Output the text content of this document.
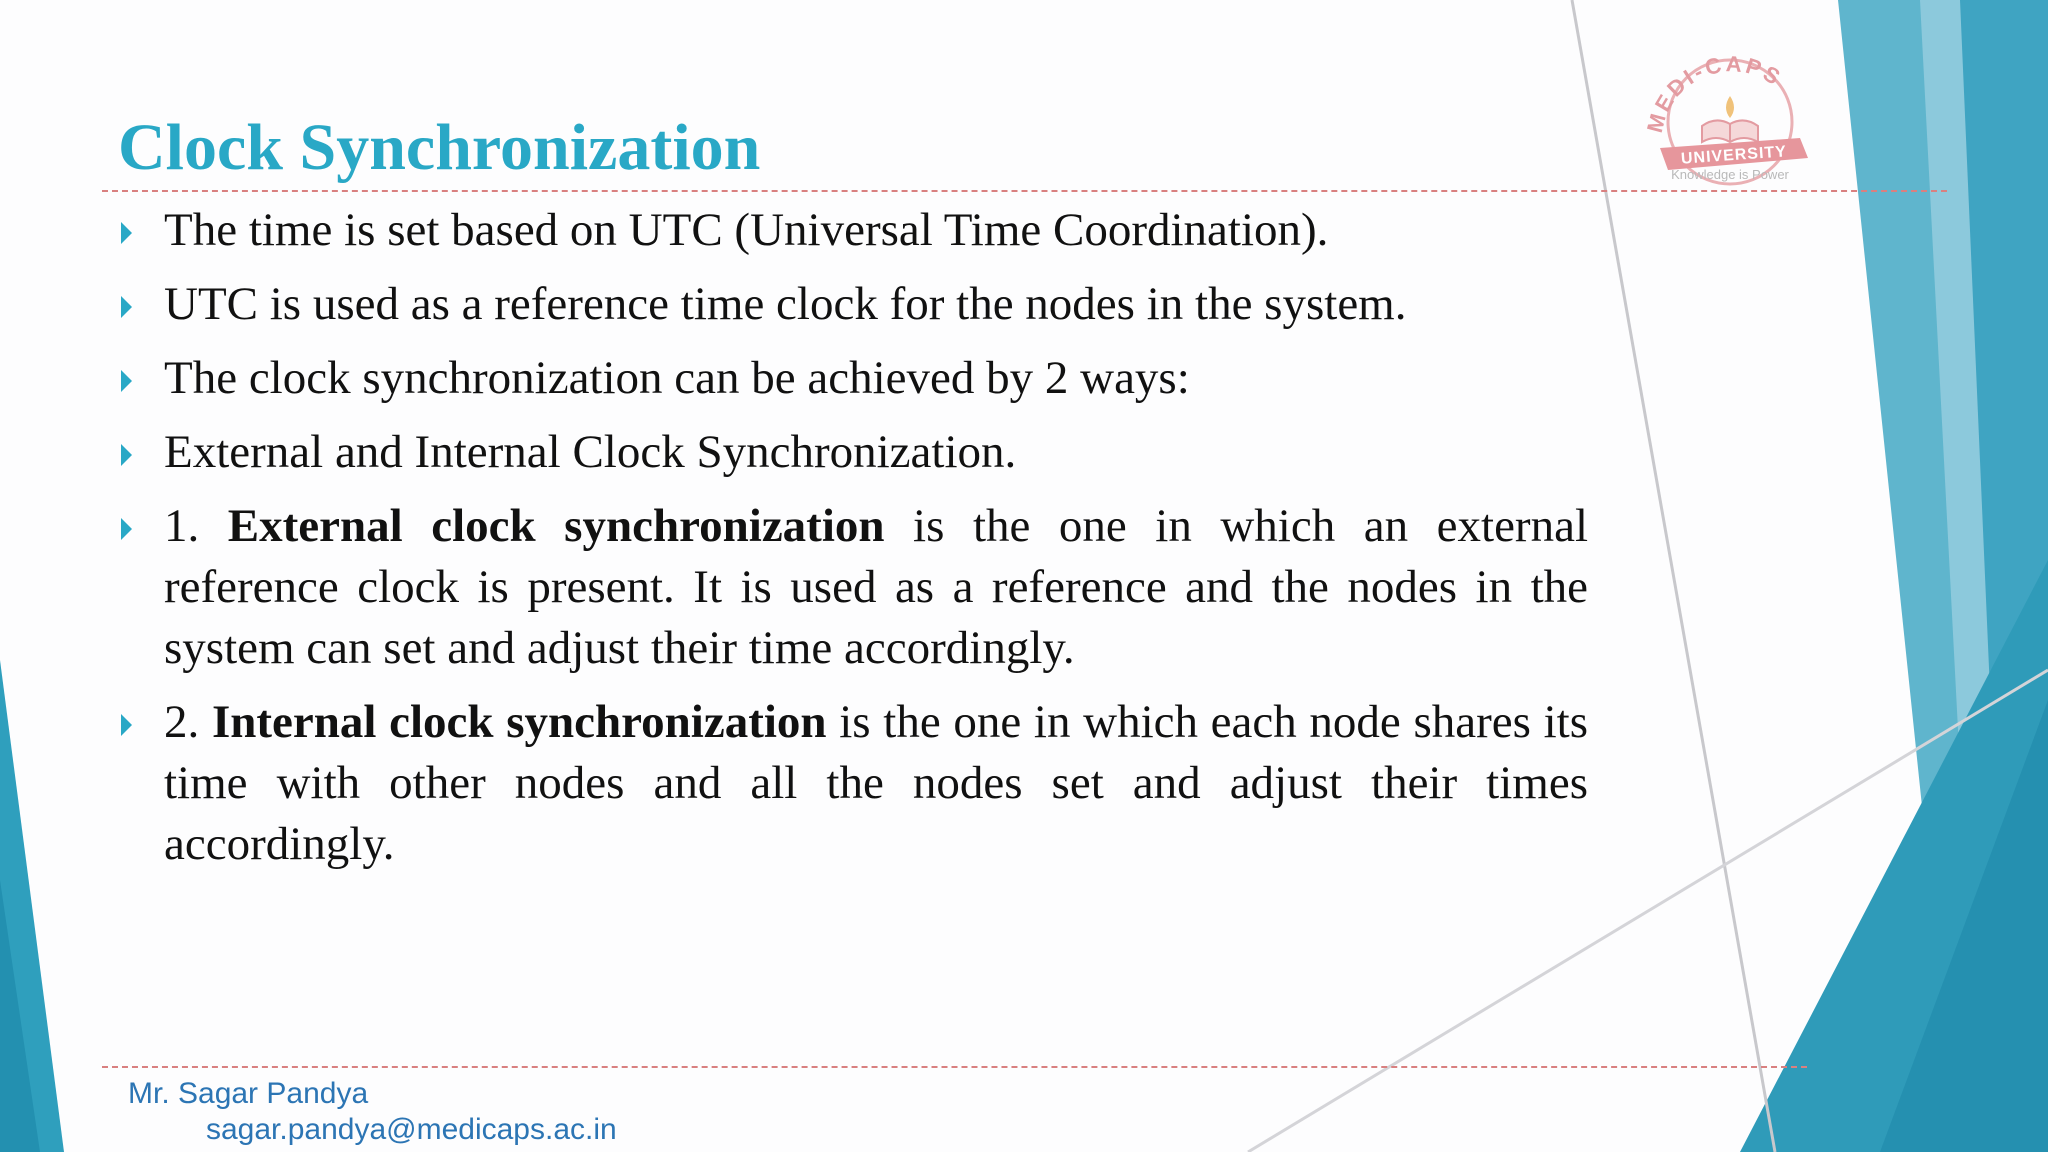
MEDI-CAPS
UNIVERSITY
Knowledge is Power
Clock Synchronization
The time is set based on UTC (Universal Time Coordination).
UTC is used as a reference time clock for the nodes in the system.
The clock synchronization can be achieved by 2 ways:
External and Internal Clock Synchronization.
1. External clock synchronization is the one in which an external reference clock is present. It is used as a reference and the nodes in the system can set and adjust their time accordingly.
2. Internal clock synchronization is the one in which each node shares its time with other nodes and all the nodes set and adjust their times accordingly.
Mr. Sagar Pandya
sagar.pandya@medicaps.ac.in
